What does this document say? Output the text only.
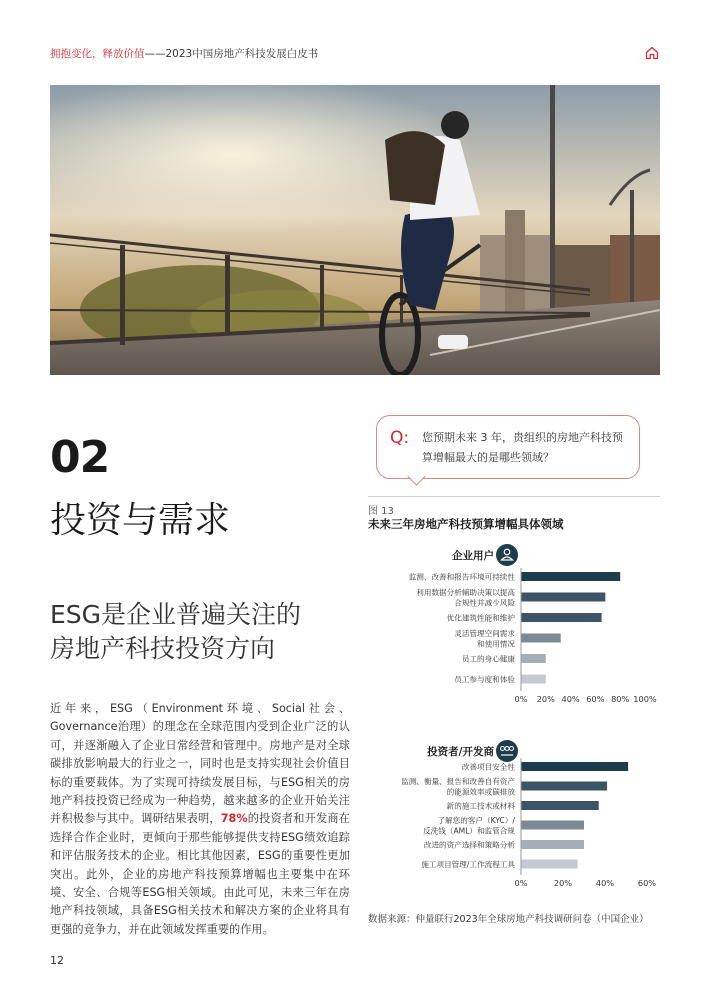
拥抱变化，释放价值——2023中国房地产科技发展白皮书
02
投资与需求
ESG是企业普遍关注的
房地产科技投资方向
近年来，ESG（Environment环境、Social社会、Governance治理）的理念在全球范围内受到企业广泛的认可，并逐渐融入了企业日常经营和管理中。房地产是对全球碳排放影响最大的行业之一，同时也是支持实现社会价值目标的重要载体。为了实现可持续发展目标，与ESG相关的房地产科技投资已经成为一种趋势，越来越多的企业开始关注并积极参与其中。调研结果表明，78%的投资者和开发商在选择合作企业时，更倾向于那些能够提供支持ESG绩效追踪和评估服务技术的企业。相比其他因素，ESG的重要性更加突出。此外，企业的房地产科技预算增幅也主要集中在环境、安全、合规等ESG相关领域。由此可见，未来三年在房地产科技领域，具备ESG相关技术和解决方案的企业将具有更强的竞争力，并在此领域发挥重要的作用。
12
Q: 您预期未来 3 年，贵组织的房地产科技预算增幅最大的是哪些领域？
图 13
未来三年房地产科技预算增幅具体领域
企业用户
监测、改善和报告环境可持续性
利用数据分析辅助决策以提高
合规性并减少风险
优化建筑性能和维护
灵活管理空间需求
和使用情况
员工的身心健康
员工参与度和体验
0% 20% 40% 60% 80% 100%
投资者/开发商
改善项目安全性
监测、衡量、报告和改善自有资产
的能源效率或碳排放
新的施工技术或材料
了解您的客户（KYC）/
反洗钱（AML）和监管合规
改进的资产选择和策略分析
施工项目管理/工作流程工具
0%	20%	40%	60%
数据来源：仲量联行2023年全球房地产科技调研问卷（中国企业）
